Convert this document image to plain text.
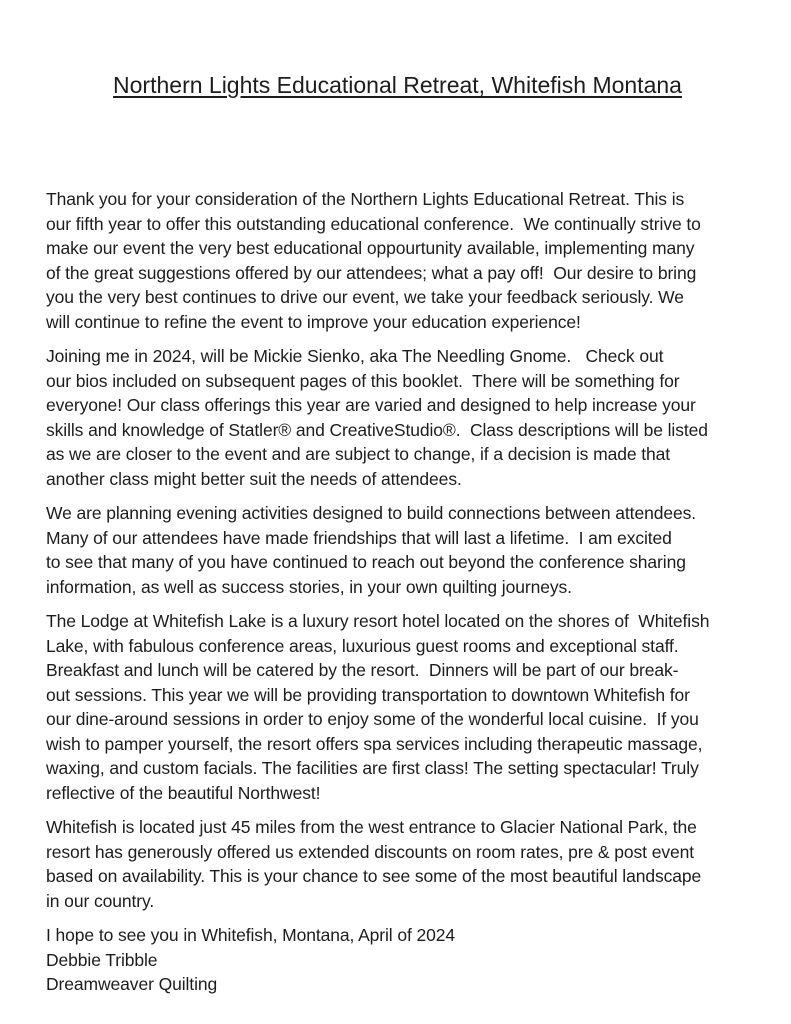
Northern Lights Educational Retreat, Whitefish Montana
Thank you for your consideration of the Northern Lights Educational Retreat. This is
our fifth year to offer this outstanding educational conference.  We continually strive to
make our event the very best educational oppourtunity available, implementing many
of the great suggestions offered by our attendees; what a pay off!  Our desire to bring
you the very best continues to drive our event, we take your feedback seriously. We
will continue to refine the event to improve your education experience!
Joining me in 2024, will be Mickie Sienko, aka The Needling Gnome.   Check out
our bios included on subsequent pages of this booklet.  There will be something for
everyone! Our class offerings this year are varied and designed to help increase your
skills and knowledge of Statler® and CreativeStudio®.  Class descriptions will be listed
as we are closer to the event and are subject to change, if a decision is made that
another class might better suit the needs of attendees.
We are planning evening activities designed to build connections between attendees.
Many of our attendees have made friendships that will last a lifetime.  I am excited
to see that many of you have continued to reach out beyond the conference sharing
information, as well as success stories, in your own quilting journeys.
The Lodge at Whitefish Lake is a luxury resort hotel located on the shores of  Whitefish
Lake, with fabulous conference areas, luxurious guest rooms and exceptional staff.
Breakfast and lunch will be catered by the resort.  Dinners will be part of our break-
out sessions. This year we will be providing transportation to downtown Whitefish for
our dine-around sessions in order to enjoy some of the wonderful local cuisine.  If you
wish to pamper yourself, the resort offers spa services including therapeutic massage,
waxing, and custom facials. The facilities are first class! The setting spectacular! Truly
reflective of the beautiful Northwest!
Whitefish is located just 45 miles from the west entrance to Glacier National Park, the
resort has generously offered us extended discounts on room rates, pre & post event
based on availability. This is your chance to see some of the most beautiful landscape
in our country.
I hope to see you in Whitefish, Montana, April of 2024
Debbie Tribble
Dreamweaver Quilting
